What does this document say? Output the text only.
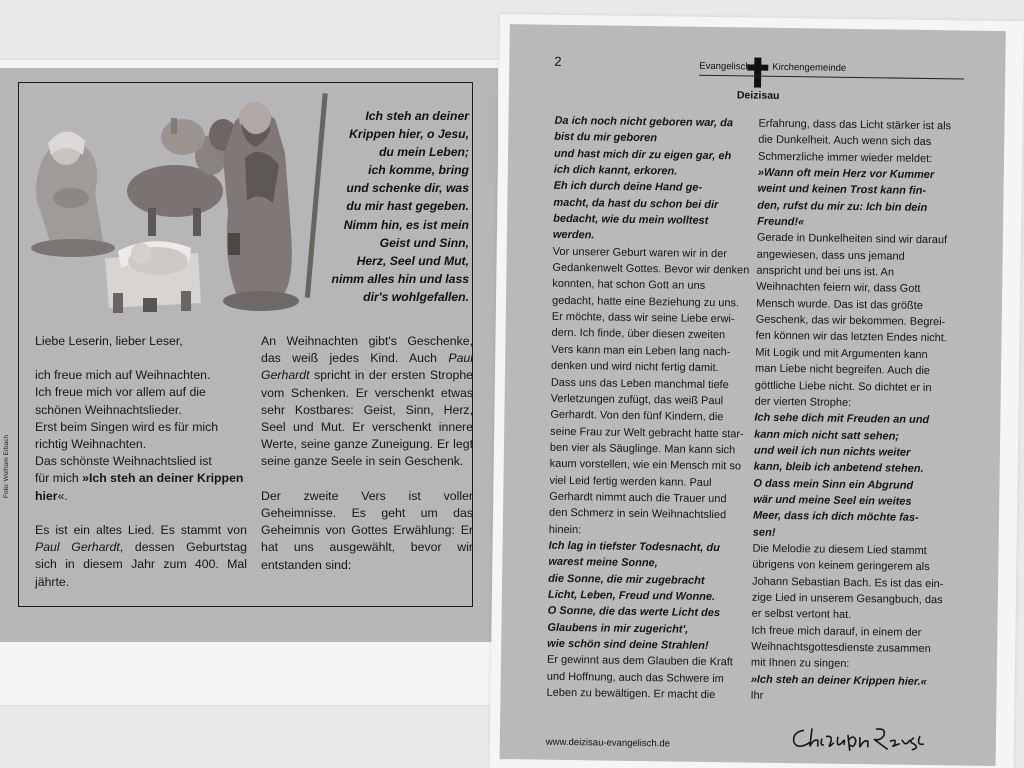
Ich steh an deiner
Krippen hier, o Jesu,
du mein Leben;
ich komme, bring
und schenke dir, was
du mir hast gegeben.
Nimm hin, es ist mein
Geist und Sinn,
Herz, Seel und Mut,
nimm alles hin und lass
dir's wohlgefallen.

Liebe Leserin, lieber Leser,

ich freue mich auf Weihnachten.
Ich freue mich vor allem auf die
schönen Weihnachtslieder.
Erst beim Singen wird es für mich
richtig Weihnachten.
Das schönste Weihnachtslied ist
für mich »Ich steh an deiner Krippen hier«.

Es ist ein altes Lied. Es stammt von Paul Gerhardt, dessen Geburtstag sich in diesem Jahr zum 400. Mal jährte.

An Weihnachten gibt's Geschenke, das weiß jedes Kind. Auch Paul Gerhardt spricht in der ersten Strophe vom Schenken. Er verschenkt etwas sehr Kostbares: Geist, Sinn, Herz, Seel und Mut. Er verschenkt innere Werte, seine ganze Zuneigung. Er legt seine ganze Seele in sein Geschenk.

Der zweite Vers ist voller Geheimnisse. Es geht um das Geheimnis von Gottes Erwählung: Er hat uns ausgewählt, bevor wir entstanden sind:

Foto: Wolfram Erbach
2	Evangelische Kirchengemeinde
Deizisau
Da ich noch nicht geboren war, da
bist du mir geboren
und hast mich dir zu eigen gar, eh
ich dich kannt, erkoren.
Eh ich durch deine Hand ge-
macht, da hast du schon bei dir
bedacht, wie du mein wolltest
werden.
Vor unserer Geburt waren wir in der
Gedankenwelt Gottes. Bevor wir denken
konnten, hat schon Gott an uns
gedacht, hatte eine Beziehung zu uns.
Er möchte, dass wir seine Liebe erwi-
dern. Ich finde, über diesen zweiten
Vers kann man ein Leben lang nach-
denken und wird nicht fertig damit.
Dass uns das Leben manchmal tiefe
Verletzungen zufügt, das weiß Paul
Gerhardt. Von den fünf Kindern, die
seine Frau zur Welt gebracht hatte star-
ben vier als Säuglinge. Man kann sich
kaum vorstellen, wie ein Mensch mit so
viel Leid fertig werden kann. Paul
Gerhardt nimmt auch die Trauer und
den Schmerz in sein Weihnachtslied
hinein:
Ich lag in tiefster Todesnacht, du
warest meine Sonne,
die Sonne, die mir zugebracht
Licht, Leben, Freud und Wonne.
O Sonne, die das werte Licht des
Glaubens in mir zugericht',
wie schön sind deine Strahlen!
Er gewinnt aus dem Glauben die Kraft
und Hoffnung, auch das Schwere im
Leben zu bewältigen. Er macht die
Erfahrung, dass das Licht stärker ist als
die Dunkelheit. Auch wenn sich das
Schmerzliche immer wieder meldet:
»Wann oft mein Herz vor Kummer
weint und keinen Trost kann fin-
den, rufst du mir zu: Ich bin dein
Freund!«
Gerade in Dunkelheiten sind wir darauf
angewiesen, dass uns jemand
anspricht und bei uns ist. An
Weihnachten feiern wir, dass Gott
Mensch wurde. Das ist das größte
Geschenk, das wir bekommen. Begrei-
fen können wir das letzten Endes nicht.
Mit Logik und mit Argumenten kann
man Liebe nicht begreifen. Auch die
göttliche Liebe nicht. So dichtet er in
der vierten Strophe:
Ich sehe dich mit Freuden an und
kann mich nicht satt sehen;
und weil ich nun nichts weiter
kann, bleib ich anbetend stehen.
O dass mein Sinn ein Abgrund
wär und meine Seel ein weites
Meer, dass ich dich möchte fas-
sen!
Die Melodie zu diesem Lied stammt
übrigens von keinem geringerem als
Johann Sebastian Bach. Es ist das ein-
zige Lied in unserem Gesangbuch, das
er selbst vertont hat.
Ich freue mich darauf, in einem der
Weihnachtsgottesdienste zusammen
mit Ihnen zu singen:
»Ich steh an deiner Krippen hier.«
Ihr
www.deizisau-evangelisch.de
